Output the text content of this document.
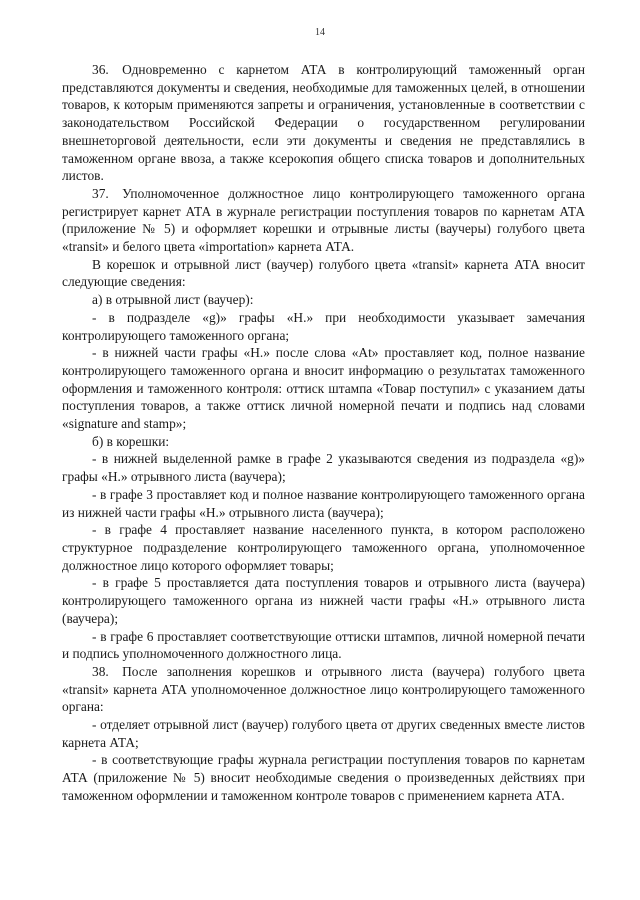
14

36. Одновременно с карнетом АТА в контролирующий таможенный орган представляются документы и сведения, необходимые для таможенных целей, в отношении товаров, к которым применяются запреты и ограничения, установленные в соответствии с законодательством Российской Федерации о государственном регулировании внешнеторговой деятельности, если эти документы и сведения не представлялись в таможенном органе ввоза, а также ксерокопия общего списка товаров и дополнительных листов.

37. Уполномоченное должностное лицо контролирующего таможенного органа регистрирует карнет АТА в журнале регистрации поступления товаров по карнетам АТА (приложение № 5) и оформляет корешки и отрывные листы (ваучеры) голубого цвета «transit» и белого цвета «importation» карнета АТА.

В корешок и отрывной лист (ваучер) голубого цвета «transit» карнета АТА вносит следующие сведения:

а) в отрывной лист (ваучер):

- в подразделе «g)» графы «Н.» при необходимости указывает замечания контролирующего таможенного органа;

- в нижней части графы «Н.» после слова «At» проставляет код, полное название контролирующего таможенного органа и вносит информацию о результатах таможенного оформления и таможенного контроля: оттиск штампа «Товар поступил» с указанием даты поступления товаров, а также оттиск личной номерной печати и подпись над словами «signature and stamp»;

б) в корешки:

- в нижней выделенной рамке в графе 2 указываются сведения из подраздела «g)» графы «Н.» отрывного листа (ваучера);

- в графе 3 проставляет код и полное название контролирующего таможенного органа из нижней части графы «Н.» отрывного листа (ваучера);

- в графе 4 проставляет название населенного пункта, в котором расположено структурное подразделение контролирующего таможенного органа, уполномоченное должностное лицо которого оформляет товары;

- в графе 5 проставляется дата поступления товаров и отрывного листа (ваучера) контролирующего таможенного органа из нижней части графы «Н.» отрывного листа (ваучера);

- в графе 6 проставляет соответствующие оттиски штампов, личной номерной печати и подпись уполномоченного должностного лица.

38. После заполнения корешков и отрывного листа (ваучера) голубого цвета «transit» карнета АТА уполномоченное должностное лицо контролирующего таможенного органа:

- отделяет отрывной лист (ваучер) голубого цвета от других сведенных вместе листов карнета АТА;

- в соответствующие графы журнала регистрации поступления товаров по карнетам АТА (приложение № 5) вносит необходимые сведения о произведенных действиях при таможенном оформлении и таможенном контроле товаров с применением карнета АТА.
